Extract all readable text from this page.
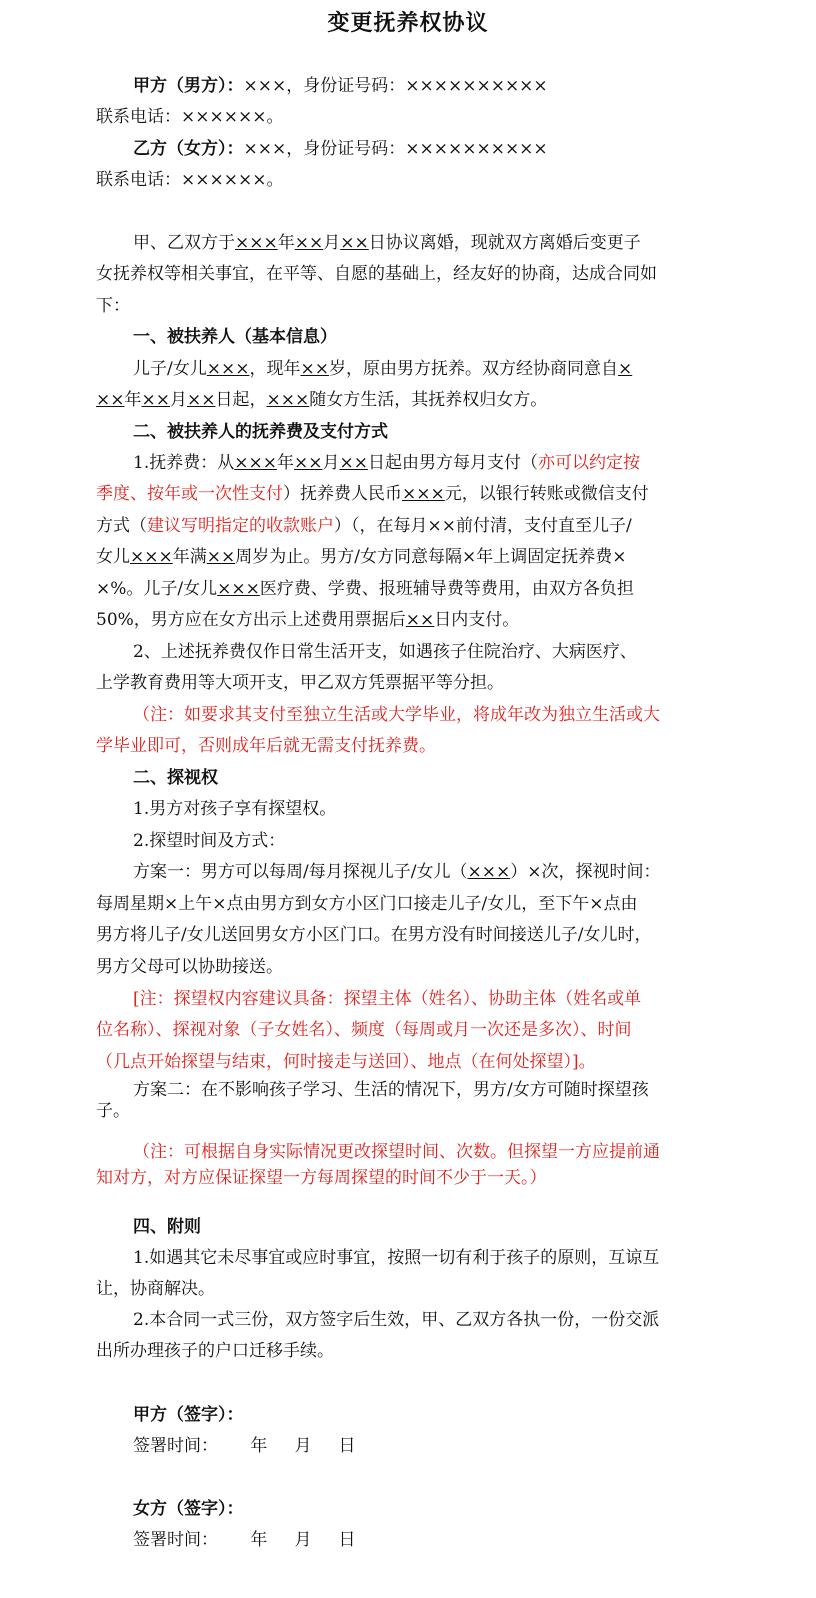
变更抚养权协议
甲方（男方）：×××，身份证号码：××××××××××
联系电话：××××××。
乙方（女方）：×××，身份证号码：××××××××××
联系电话：××××××。
甲、乙双方于×××年××月××日协议离婚，现就双方离婚后变更子
女抚养权等相关事宜，在平等、自愿的基础上，经友好的协商，达成合同如
下：
一、被扶养人（基本信息）
儿子/女儿×××，现年××岁，原由男方抚养。双方经协商同意自×
××年××月××日起，×××随女方生活，其抚养权归女方。
二、被扶养人的抚养费及支付方式
1.抚养费：从×××年××月××日起由男方每月支付（亦可以约定按
季度、按年或一次性支付）抚养费人民币×××元，以银行转账或微信支付
方式（建议写明指定的收款账户）（，在每月××前付清，支付直至儿子/
女儿×××年满××周岁为止。男方/女方同意每隔×年上调固定抚养费×
×%。儿子/女儿×××医疗费、学费、报班辅导费等费用，由双方各负担
50%，男方应在女方出示上述费用票据后××日内支付。
2、上述抚养费仅作日常生活开支，如遇孩子住院治疗、大病医疗、
上学教育费用等大项开支，甲乙双方凭票据平等分担。
（注：如要求其支付至独立生活或大学毕业，将成年改为独立生活或大
学毕业即可，否则成年后就无需支付抚养费。
二、探视权
1.男方对孩子享有探望权。
2.探望时间及方式：
方案一：男方可以每周/每月探视儿子/女儿（×××）×次，探视时间：
每周星期×上午×点由男方到女方小区门口接走儿子/女儿，至下午×点由
男方将儿子/女儿送回男女方小区门口。在男方没有时间接送儿子/女儿时，
男方父母可以协助接送。
[注：探望权内容建议具备：探望主体（姓名）、协助主体（姓名或单
位名称）、探视对象（子女姓名）、频度（每周或月一次还是多次）、时间
（几点开始探望与结束，何时接走与送回）、地点（在何处探望）]。
方案二：在不影响孩子学习、生活的情况下，男方/女方可随时探望孩
子。
（注：可根据自身实际情况更改探望时间、次数。但探望一方应提前通
知对方，对方应保证探望一方每周探望的时间不少于一天。）
四、附则
1.如遇其它未尽事宜或应时事宜，按照一切有利于孩子的原则，互谅互
让，协商解决。
2.本合同一式三份，双方签字后生效，甲、乙双方各执一份，一份交派
出所办理孩子的户口迁移手续。
甲方（签字）：
签署时间：      年     月     日
女方（签字）：
签署时间：      年     月     日
